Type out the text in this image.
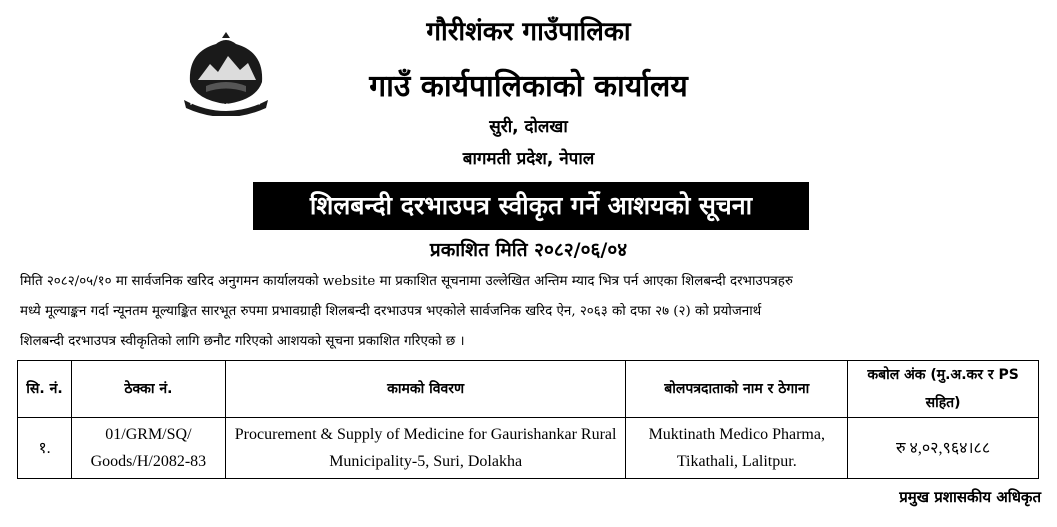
गौरीशंकर गाउँपालिका
गाउँ कार्यपालिकाको कार्यालय
सुरी, दोलखा
बागमती प्रदेश, नेपाल
शिलबन्दी दरभाउपत्र स्वीकृत गर्ने आशयको सूचना
प्रकाशित मिति २०८२/०६/०४
मिति २०८२/०५/१० मा सार्वजनिक खरिद अनुगमन कार्यालयको website मा प्रकाशित सूचनामा उल्लेखित अन्तिम म्याद भित्र पर्न आएका शिलबन्दी दरभाउपत्रहरु
मध्ये मूल्याङ्कन गर्दा न्यूनतम मूल्याङ्कित सारभूत रुपमा प्रभावग्राही शिलबन्दी दरभाउपत्र भएकोले सार्वजनिक खरिद ऐन, २०६३ को दफा २७ (२) को प्रयोजनार्थ
शिलबन्दी दरभाउपत्र स्वीकृतिको लागि छनौट गरिएको आशयको सूचना प्रकाशित गरिएको छ ।
सि. नं.	ठेक्का नं.	कामको विवरण	बोलपत्रदाताको नाम र ठेगाना	कबोल अंक (मु.अ.कर र PS सहित)
१.	01/GRM/SQ/ Goods/H/2082-83	Procurement & Supply of Medicine for Gaurishankar Rural Municipality-5, Suri, Dolakha	Muktinath Medico Pharma, Tikathali, Lalitpur.	रु ४,०२,९६४।८८
प्रमुख प्रशासकीय अधिकृत
